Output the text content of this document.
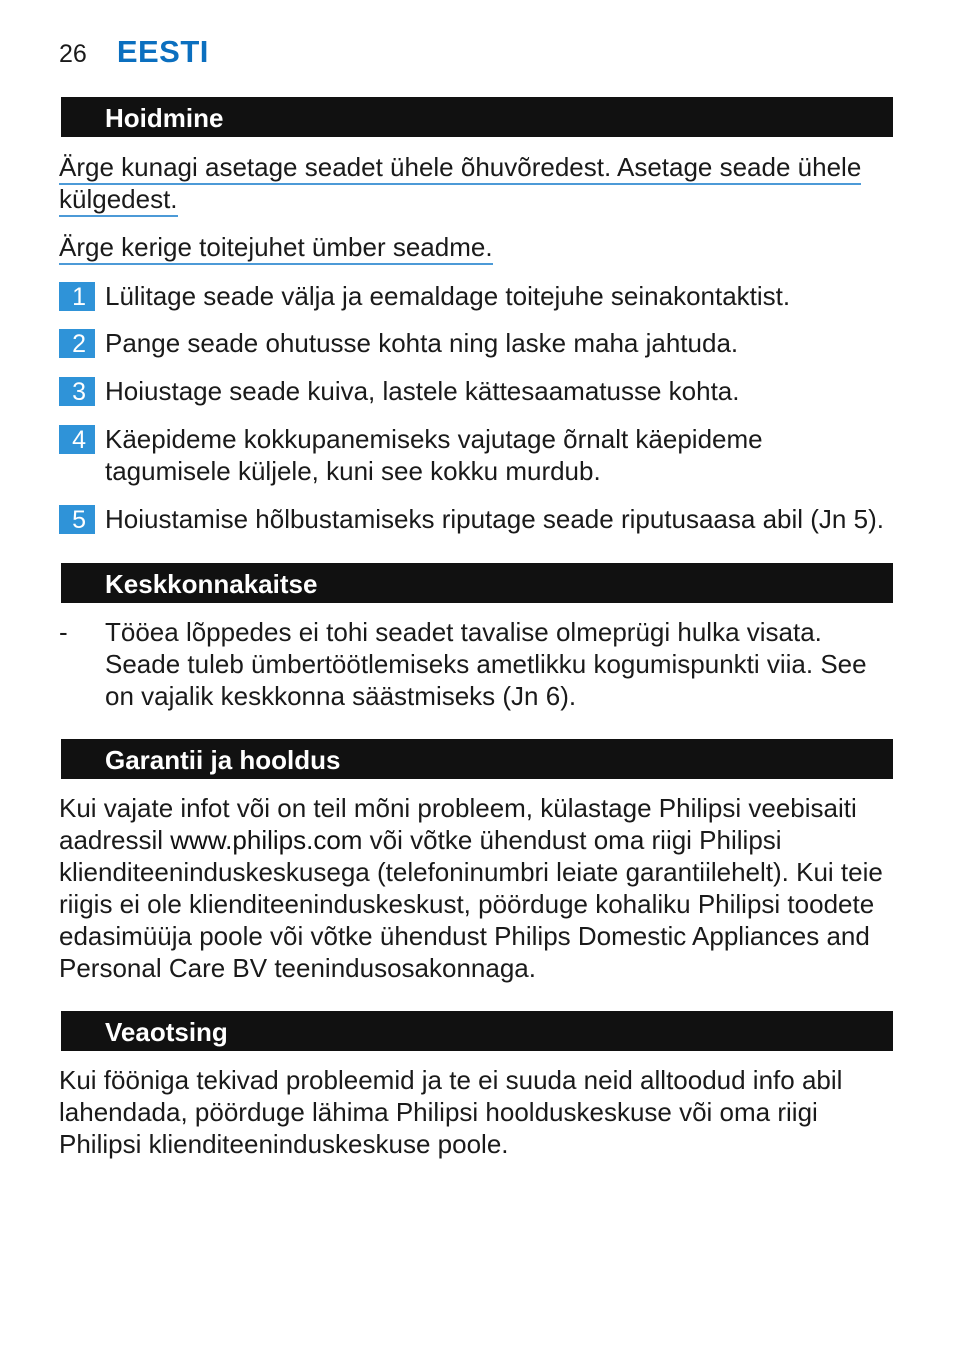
26 EESTI
Hoidmine

Ärge kunagi asetage seadet ühele õhuvõredest. Asetage seade ühele
külgedest.

Ärge kerige toitejuhet ümber seadme.

1 Lülitage seade välja ja eemaldage toitejuhe seinakontaktist.
2 Pange seade ohutusse kohta ning laske maha jahtuda.
3 Hoiustage seade kuiva, lastele kättesaamatusse kohta.
4 Käepideme kokkupanemiseks vajutage õrnalt käepideme tagumisele küljele, kuni see kokku murdub.
5 Hoiustamise hõlbustamiseks riputage seade riputusaasa abil (Jn 5).
Keskkonnakaitse
-	Tööea lõppedes ei tohi seadet tavalise olmeprügi hulka visata. Seade tuleb ümbertöötlemiseks ametlikku kogumispunkti viia. See on vajalik keskkonna säästmiseks (Jn 6).
Garantii ja hooldus

Kui vajate infot või on teil mõni probleem, külastage Philipsi veebisaiti aadressil www.philips.com või võtke ühendust oma riigi Philipsi klienditeeninduskeskusega (telefoninumbri leiate garantiilehelt). Kui teie riigis ei ole klienditeeninduskeskust, pöörduge kohaliku Philipsi toodete edasimüüja poole või võtke ühendust Philips Domestic Appliances and Personal Care BV teenindusosakonnaga.

Veaotsing

Kui fööniga tekivad probleemid ja te ei suuda neid alltoodud info abil lahendada, pöörduge lähima Philipsi hoolduskeskuse või oma riigi Philipsi klienditeeninduskeskuse poole.
